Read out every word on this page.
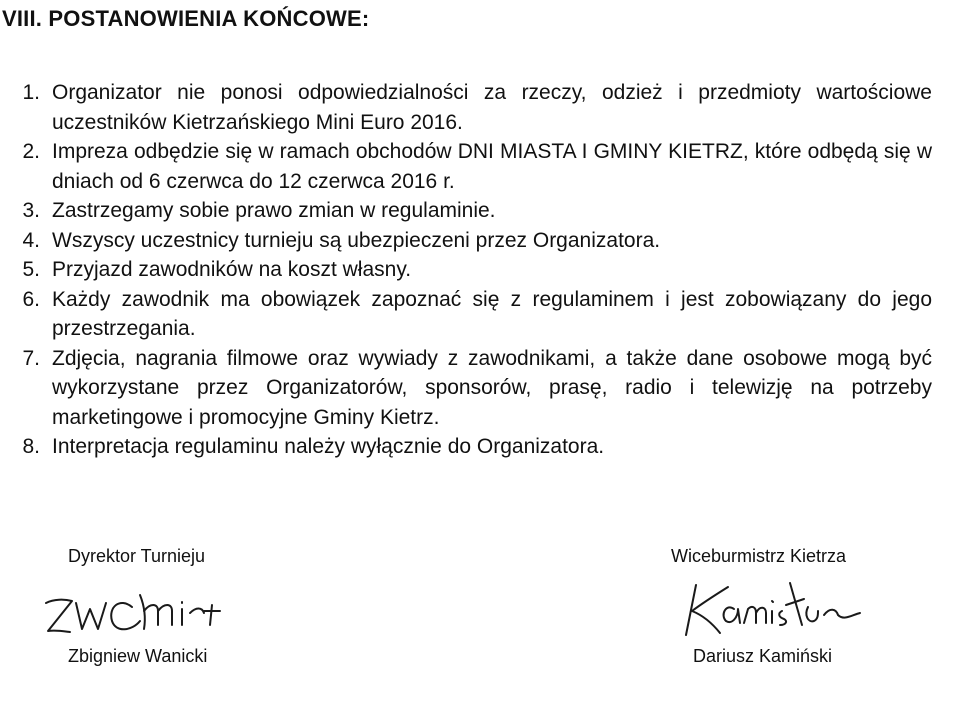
VIII. POSTANOWIENIA KOŃCOWE:
1. Organizator nie ponosi odpowiedzialności za rzeczy, odzież i przedmioty wartościowe uczestników Kietrzańskiego Mini Euro 2016.
2. Impreza odbędzie się w ramach obchodów DNI MIASTA I GMINY KIETRZ, które odbędą się w dniach od 6 czerwca do 12 czerwca 2016 r.
3. Zastrzegamy sobie prawo zmian w regulaminie.
4. Wszyscy uczestnicy turnieju są ubezpieczeni przez Organizatora.
5. Przyjazd zawodników na koszt własny.
6. Każdy zawodnik ma obowiązek zapoznać się z regulaminem i jest zobowiązany do jego przestrzegania.
7. Zdjęcia, nagrania filmowe oraz wywiady z zawodnikami, a także dane osobowe mogą być wykorzystane przez Organizatorów, sponsorów, prasę, radio i telewizję na potrzeby marketingowe i promocyjne Gminy Kietrz.
8. Interpretacja regulaminu należy wyłącznie do Organizatora.
Dyrektor Turnieju
Zbigniew Wanicki
Wiceburmistrz Kietrza
Dariusz Kamiński
